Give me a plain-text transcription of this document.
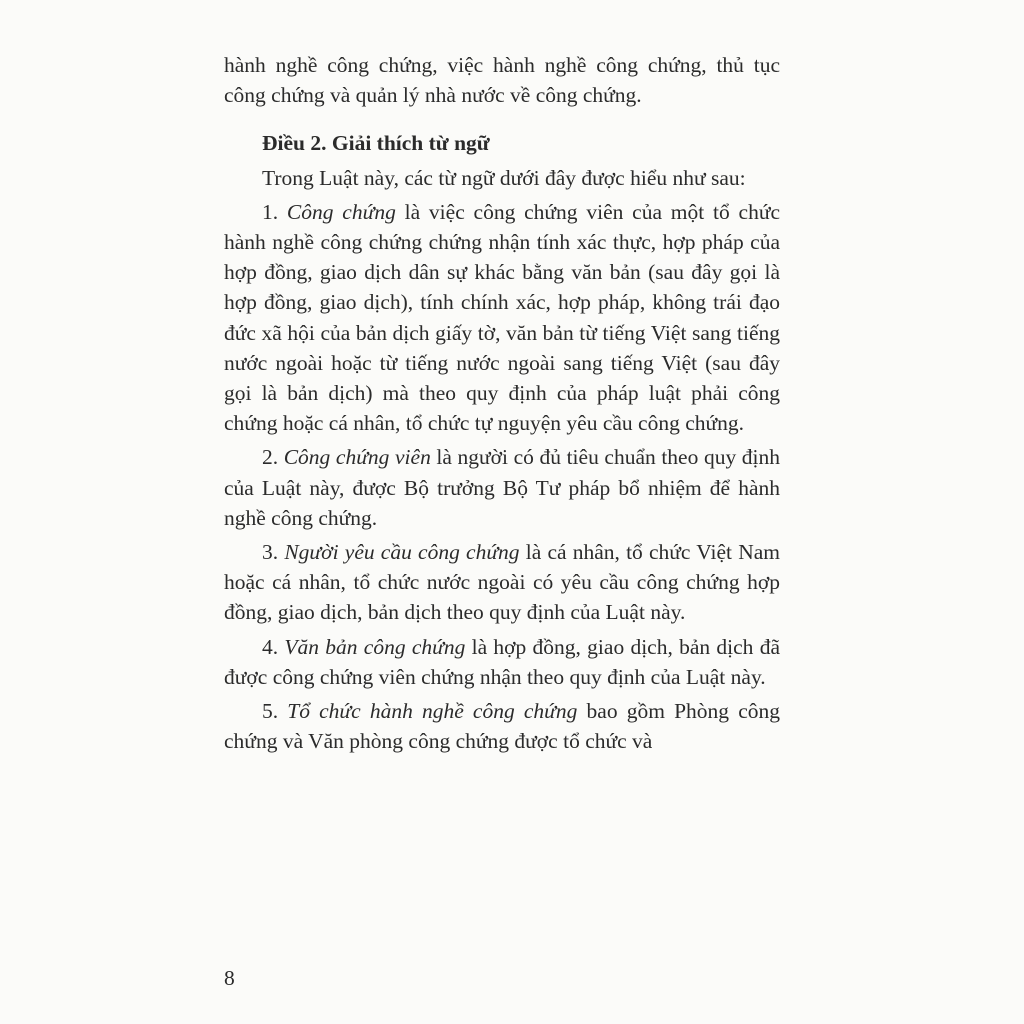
hành nghề công chứng, việc hành nghề công chứng, thủ tục công chứng và quản lý nhà nước về công chứng.

Điều 2. Giải thích từ ngữ

Trong Luật này, các từ ngữ dưới đây được hiểu như sau:

1. Công chứng là việc công chứng viên của một tổ chức hành nghề công chứng chứng nhận tính xác thực, hợp pháp của hợp đồng, giao dịch dân sự khác bằng văn bản (sau đây gọi là hợp đồng, giao dịch), tính chính xác, hợp pháp, không trái đạo đức xã hội của bản dịch giấy tờ, văn bản từ tiếng Việt sang tiếng nước ngoài hoặc từ tiếng nước ngoài sang tiếng Việt (sau đây gọi là bản dịch) mà theo quy định của pháp luật phải công chứng hoặc cá nhân, tổ chức tự nguyện yêu cầu công chứng.

2. Công chứng viên là người có đủ tiêu chuẩn theo quy định của Luật này, được Bộ trưởng Bộ Tư pháp bổ nhiệm để hành nghề công chứng.

3. Người yêu cầu công chứng là cá nhân, tổ chức Việt Nam hoặc cá nhân, tổ chức nước ngoài có yêu cầu công chứng hợp đồng, giao dịch, bản dịch theo quy định của Luật này.

4. Văn bản công chứng là hợp đồng, giao dịch, bản dịch đã được công chứng viên chứng nhận theo quy định của Luật này.

5. Tổ chức hành nghề công chứng bao gồm Phòng công chứng và Văn phòng công chứng được tổ chức và

8
